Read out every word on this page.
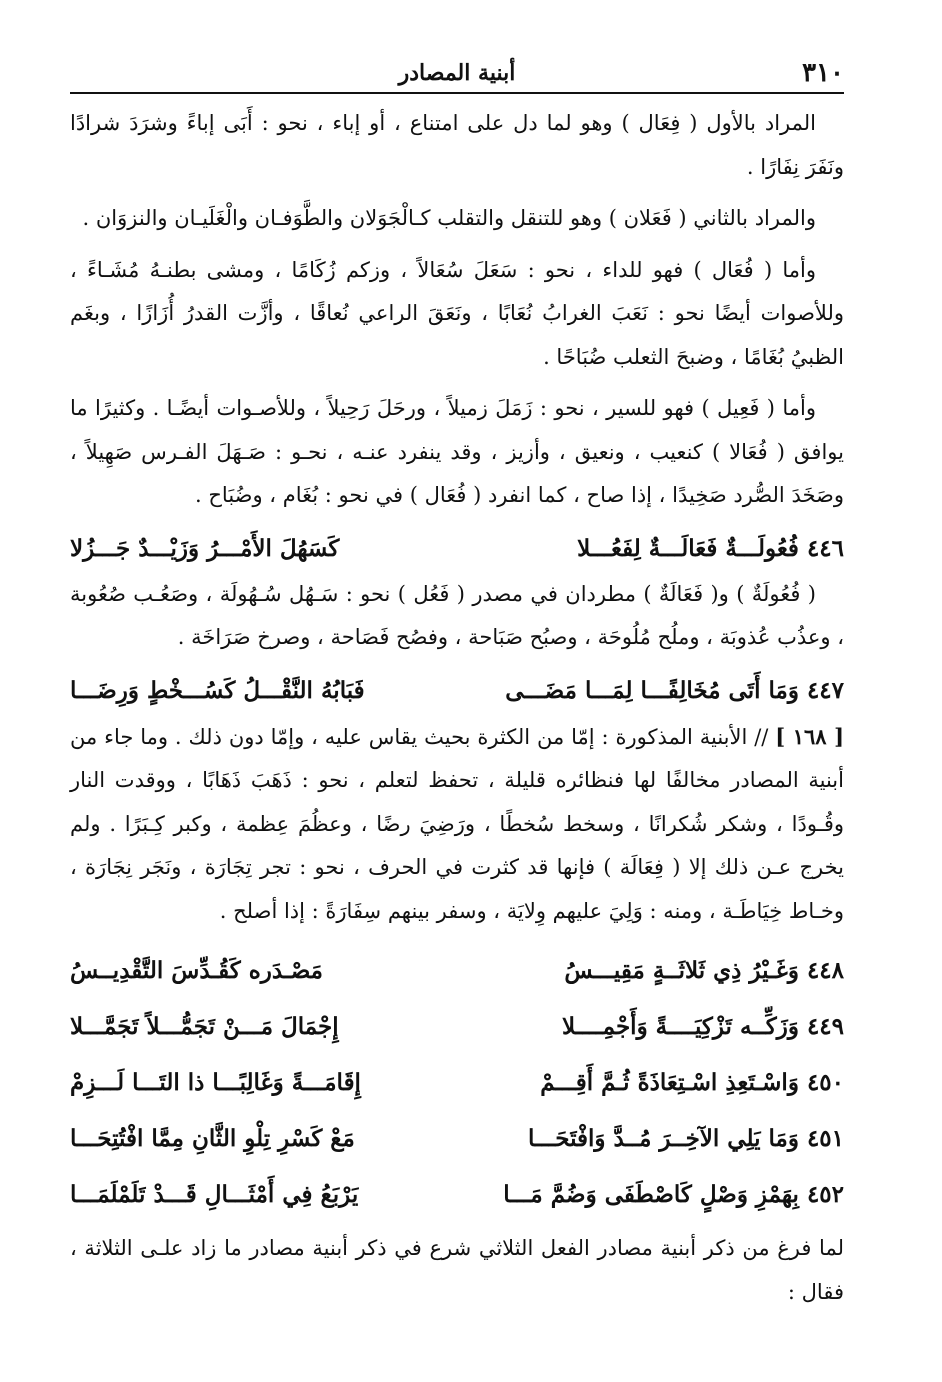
٣١٠
أبنية المصادر

المراد بالأول ( فِعَال ) وهو لما دل على امتناع ، أو إباء ، نحو : أَبَى إباءً وشرَدَ شرادًا ونَفَرَ نِفَارًا .

والمراد بالثاني ( فَعَلان ) وهو للتنقل والتقلب كـالْجَوَلان والطَّوَفـان والْغَلَيـان والنزوَان .

وأما ( فُعَال ) فهو للداء ، نحو : سَعَلَ سُعَالاً ، وزكم زُكَامًا ، ومشى بطنـهُ مُشَـاءً ، وللأصوات أيضًا نحو : نَعَبَ الغرابُ نُعَابًا ، ونَعَقَ الراعي نُعاقًا ، وأزَّت القدرُ أُزَازًا ، وبغَم الظبيُ بُغَامًا ، وضبحَ الثعلب ضُبَاحًا .

وأما ( فَعِيل ) فهو للسير ، نحو : زَمَلَ زميلاً ، ورحَلَ رَحِيلاً ، وللأصـوات أيضًـا . وكثيرًا ما يوافق ( فُعَالا ) كنعيب ، ونعيق ، وأزيز ، وقد ينفرد عنـه ، نحـو : صَـهَلَ الفـرس صَهِيلاً ، وصَخَدَ الصُّرد صَخِيدًا ، إذا صاح ، كما انفرد ( فُعَال ) في نحو : بُغَام ، وضُبَاح .

٤٤٦
فُعُولَـــةٌ فَعَالَـــةٌ لِفَعُـــلا
كَسَهُلَ الأَمْـــرُ وَزَيْـــدٌ جَـــزُلا

( فُعُولَةٌ ) و( فَعَالَةٌ ) مطردان في مصدر ( فَعُل ) نحو : سَـهُل سُـهُولَة ، وصَعُـب صُعُوبة ، وعذُب عُذوبَة ، وملُح مُلُوحَة ، وصبُح صَبَاحة ، وفصُح فَصَاحة ، وصرخ صَرَاخَة .

٤٤٧
وَمَا أَتَى مُخَالِفًـــا لِمَـــا مَضَـــى
فَبَابُهُ النَّقْـــلُ كَسُـــخْطٍ وَرِضَـــا

[ ١٦٨ ] // الأبنية المذكورة : إمّا من الكثرة بحيث يقاس عليه ، وإمّا دون ذلك . وما جاء من أبنية المصادر مخالفًا لها فنظائره قليلة ، تحفظ لتعلم ، نحو : ذَهَبَ ذَهَابًا ، ووقدت النار وقُـودًا ، وشكر شُكرانًا ، وسخط سُخطًا ، ورَضِيَ رضًا ، وعظُمَ عِظمة ، وكبر كِـبَرًا . ولم يخرج عـن ذلك إلا ( فِعَالَة ) فإنها قد كثرت في الحرف ، نحو : تجر تِجَارَة ، ونَجَر نِجَارَة ، وخـاط خِيَاطَـة ، ومنه : وَلِيَ عليهم وِلايَة ، وسفر بينهم سِفَارَةً : إذا أصلح .

٤٤٨
وَغَـيْرُ ذِي ثَلاثَــةٍ مَقِيـــسُ
مَصْـدَره كَقُـدِّسَ التَّقْدِيــسُ
٤٤٩
وَزَكِّــه تَزْكِيَــــةً وَأَجْمِــــلا
إِجْمَالَ مَـــنْ تَجَمُّـــلاً تَجَمَّـــلا
٤٥٠
وَاسْـتَعِذِ اسْـتِعَاذَةً ثُـمَّ أَقِـــمْ
إِقَامَـــةً وَغَالِبًـــا ذا التَـــا لَـــزِمْ
٤٥١
وَمَا يَلِي الآخِــرَ مُــدَّ وَافْتَحَـــا
مَعْ كَسْرِ تِلْوِ الثَّانِ مِمَّا افْتُتِحَـــا
٤٥٢
بِهَمْزِ وَصْلٍ كَاصْطَفَى وَضُمَّ مَـــا
يَرْبَعُ فِي أَمْثَـــالِ قَـــدْ تَلَمْلَمَـــا

لما فرغ من ذكر أبنية مصادر الفعل الثلاثي شرع في ذكر أبنية مصادر ما زاد علـى الثلاثة ، فقال :
